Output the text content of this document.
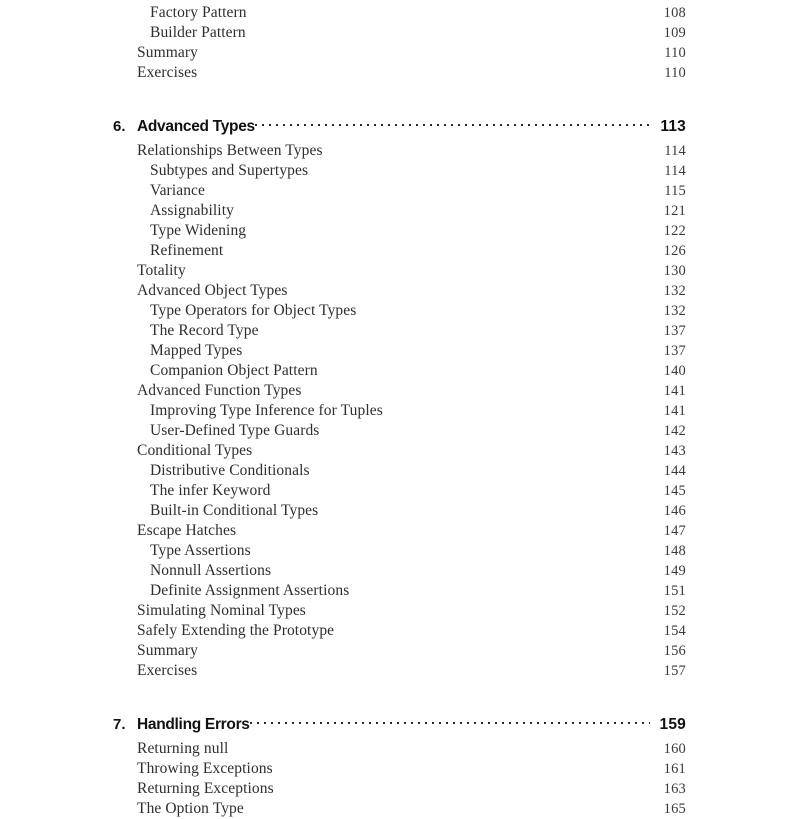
Factory Pattern	108
Builder Pattern	109
Summary	110
Exercises	110
6. Advanced Types	113
Relationships Between Types	114
Subtypes and Supertypes	114
Variance	115
Assignability	121
Type Widening	122
Refinement	126
Totality	130
Advanced Object Types	132
Type Operators for Object Types	132
The Record Type	137
Mapped Types	137
Companion Object Pattern	140
Advanced Function Types	141
Improving Type Inference for Tuples	141
User-Defined Type Guards	142
Conditional Types	143
Distributive Conditionals	144
The infer Keyword	145
Built-in Conditional Types	146
Escape Hatches	147
Type Assertions	148
Nonnull Assertions	149
Definite Assignment Assertions	151
Simulating Nominal Types	152
Safely Extending the Prototype	154
Summary	156
Exercises	157
7. Handling Errors	159
Returning null	160
Throwing Exceptions	161
Returning Exceptions	163
The Option Type	165
